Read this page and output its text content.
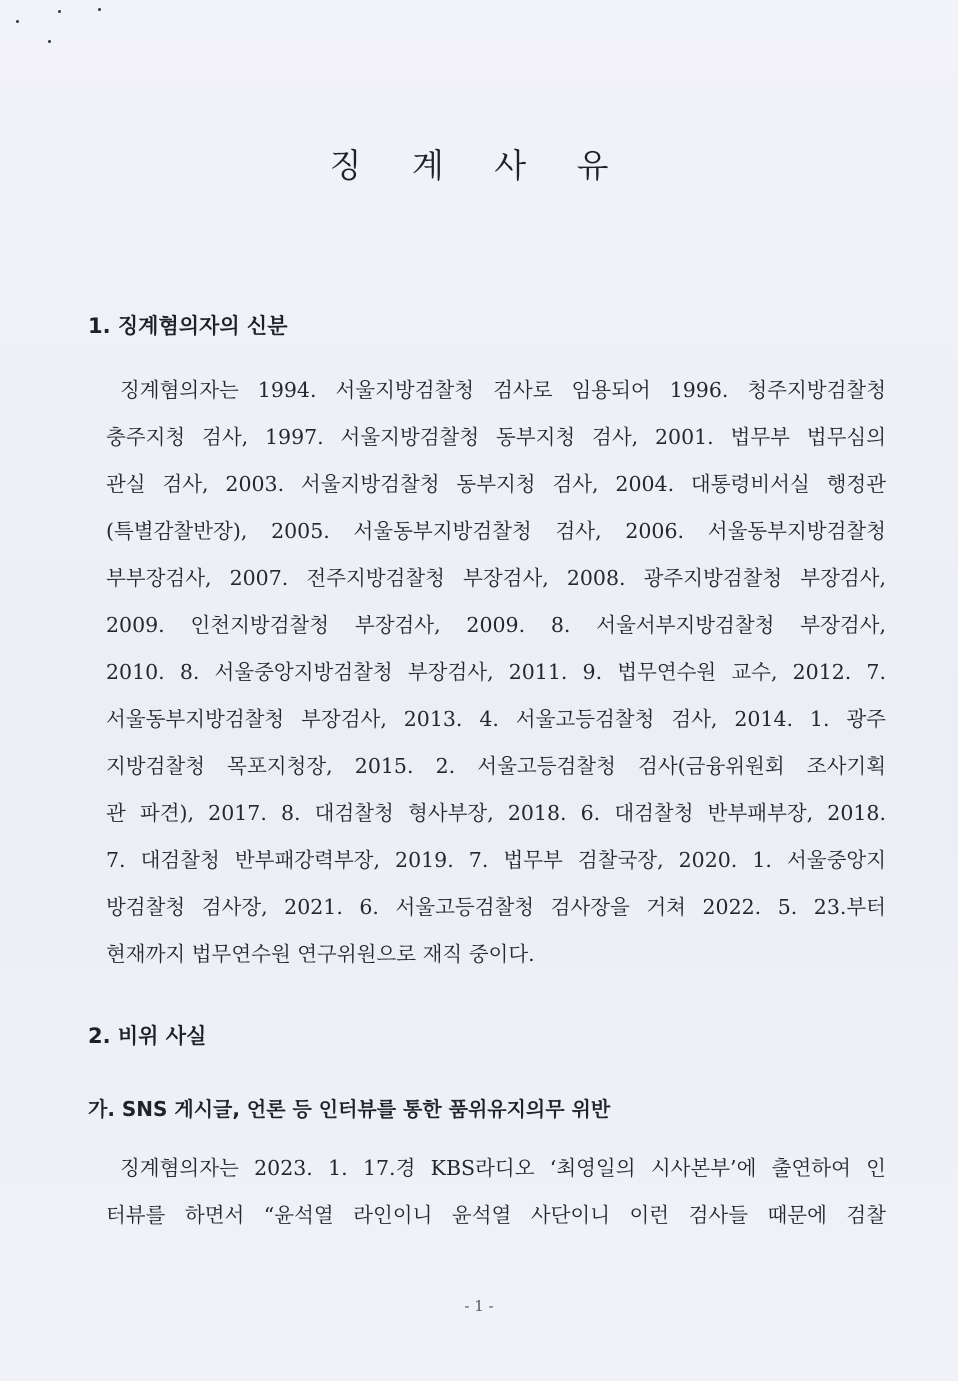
징 계 사 유
1. 징계혐의자의 신분
징계혐의자는 1994. 서울지방검찰청 검사로 임용되어 1996. 청주지방검찰청
충주지청 검사, 1997. 서울지방검찰청 동부지청 검사, 2001. 법무부 법무심의
관실 검사, 2003. 서울지방검찰청 동부지청 검사, 2004. 대통령비서실 행정관
(특별감찰반장), 2005. 서울동부지방검찰청 검사, 2006. 서울동부지방검찰청
부부장검사, 2007. 전주지방검찰청 부장검사, 2008. 광주지방검찰청 부장검사,
2009. 인천지방검찰청 부장검사, 2009. 8. 서울서부지방검찰청 부장검사,
2010. 8. 서울중앙지방검찰청 부장검사, 2011. 9. 법무연수원 교수, 2012. 7.
서울동부지방검찰청 부장검사, 2013. 4. 서울고등검찰청 검사, 2014. 1. 광주
지방검찰청 목포지청장, 2015. 2. 서울고등검찰청 검사(금융위원회 조사기획
관 파견), 2017. 8. 대검찰청 형사부장, 2018. 6. 대검찰청 반부패부장, 2018.
7. 대검찰청 반부패강력부장, 2019. 7. 법무부 검찰국장, 2020. 1. 서울중앙지
방검찰청 검사장, 2021. 6. 서울고등검찰청 검사장을 거쳐 2022. 5. 23.부터
현재까지 법무연수원 연구위원으로 재직 중이다.
2. 비위 사실
가. SNS 게시글, 언론 등 인터뷰를 통한 품위유지의무 위반
징계혐의자는 2023. 1. 17.경 KBS라디오 ‘최영일의 시사본부’에 출연하여 인
터뷰를 하면서 “윤석열 라인이니 윤석열 사단이니 이런 검사들 때문에 검찰
- 1 -
